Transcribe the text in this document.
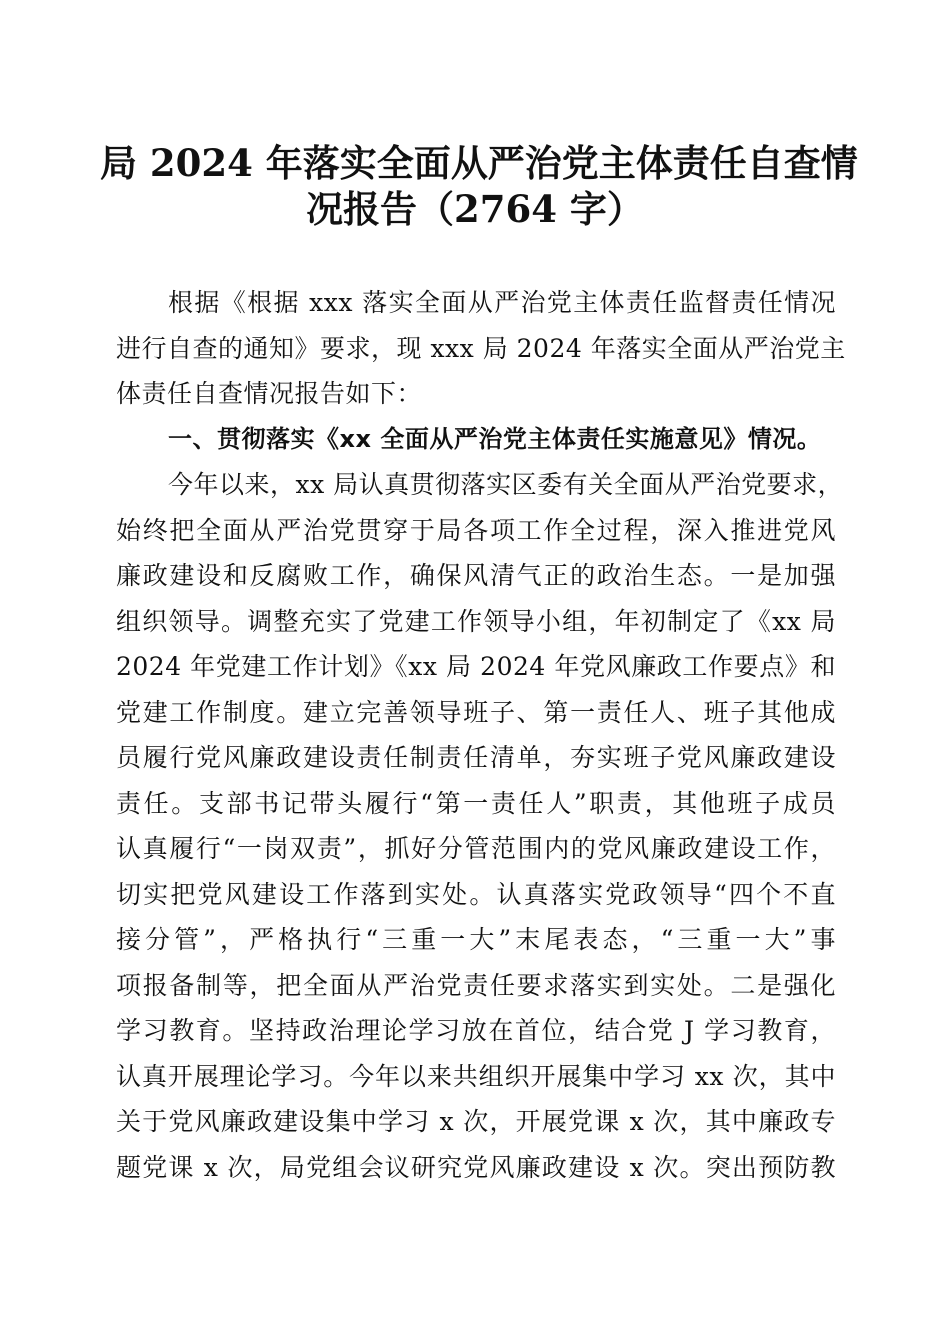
局 2024 年落实全面从严治党主体责任自查情
况报告（2764 字）
根据《根据 xxx 落实全面从严治党主体责任监督责任情况
进行自查的通知》要求，现 xxx 局 2024 年落实全面从严治党主
体责任自查情况报告如下：
一、贯彻落实《xx 全面从严治党主体责任实施意见》情况。
今年以来，xx 局认真贯彻落实区委有关全面从严治党要求，
始终把全面从严治党贯穿于局各项工作全过程，深入推进党风
廉政建设和反腐败工作，确保风清气正的政治生态。一是加强
组织领导。调整充实了党建工作领导小组，年初制定了《xx 局
2024 年党建工作计划》《xx 局 2024 年党风廉政工作要点》和
党建工作制度。建立完善领导班子、第一责任人、班子其他成
员履行党风廉政建设责任制责任清单，夯实班子党风廉政建设
责任。支部书记带头履行“第一责任人”职责，其他班子成员
认真履行“一岗双责”，抓好分管范围内的党风廉政建设工作，
切实把党风建设工作落到实处。认真落实党政领导“四个不直
接分管”，严格执行“三重一大”末尾表态，“三重一大”事
项报备制等，把全面从严治党责任要求落实到实处。二是强化
学习教育。坚持政治理论学习放在首位，结合党 J 学习教育，
认真开展理论学习。今年以来共组织开展集中学习 xx 次，其中
关于党风廉政建设集中学习 x 次，开展党课 x 次，其中廉政专
题党课 x 次，局党组会议研究党风廉政建设 x 次。突出预防教
